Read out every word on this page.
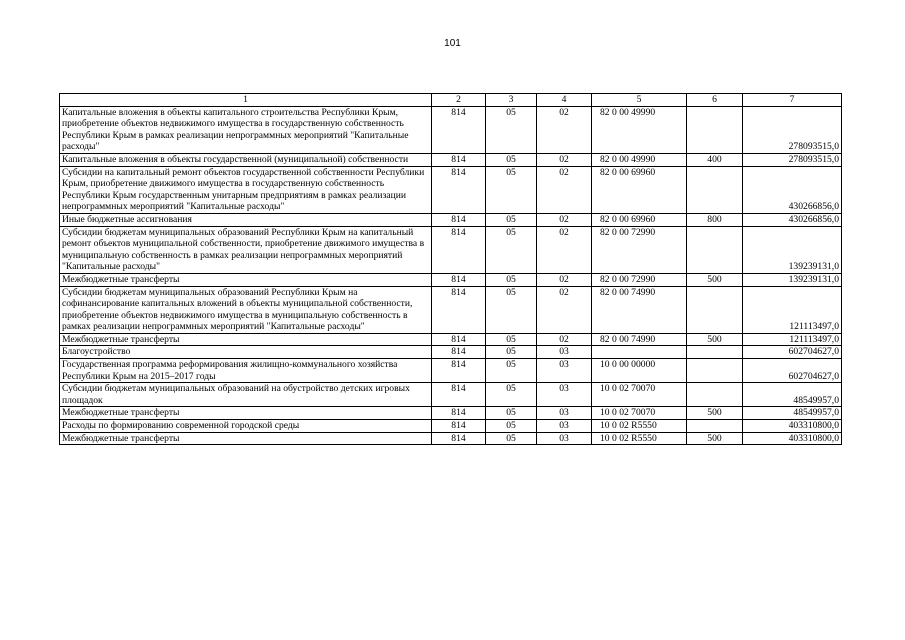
101
1	2	3	4	5	6	7
Капитальные вложения в объекты капитального строительства Республики Крым, приобретение объектов недвижимого имущества в государственную собственность Республики Крым в рамках реализации непрограммных мероприятий "Капитальные расходы"	814	05	02	82 0 00 49990		278093515,0
Капитальные вложения в объекты государственной (муниципальной) собственности	814	05	02	82 0 00 49990	400	278093515,0
Субсидии на капитальный ремонт объектов государственной собственности Республики Крым, приобретение движимого имущества в государственную собственность Республики Крым государственным унитарным предприятиям в рамках реализации непрограммных мероприятий "Капитальные расходы"	814	05	02	82 0 00 69960		430266856,0
Иные бюджетные ассигнования	814	05	02	82 0 00 69960	800	430266856,0
Субсидии бюджетам муниципальных образований Республики Крым на капитальный ремонт объектов муниципальной собственности, приобретение движимого имущества в муниципальную собственность в рамках реализации непрограммных мероприятий "Капитальные расходы"	814	05	02	82 0 00 72990		139239131,0
Межбюджетные трансферты	814	05	02	82 0 00 72990	500	139239131,0
Субсидии бюджетам муниципальных образований Республики Крым на софинансирование капитальных вложений в объекты муниципальной собственности, приобретение объектов недвижимого имущества в муниципальную собственность в рамках реализации непрограммных мероприятий "Капитальные расходы"	814	05	02	82 0 00 74990		121113497,0
Межбюджетные трансферты	814	05	02	82 0 00 74990	500	121113497,0
Благоустройство	814	05	03			602704627,0
Государственная программа реформирования жилищно-коммунального хозяйства Республики Крым на 2015–2017 годы	814	05	03	10 0 00 00000		602704627,0
Субсидии бюджетам муниципальных образований на обустройство детских игровых площадок	814	05	03	10 0 02 70070		48549957,0
Межбюджетные трансферты	814	05	03	10 0 02 70070	500	48549957,0
Расходы по формированию современной городской среды	814	05	03	10 0 02 R5550		403310800,0
Межбюджетные трансферты	814	05	03	10 0 02 R5550	500	403310800,0
